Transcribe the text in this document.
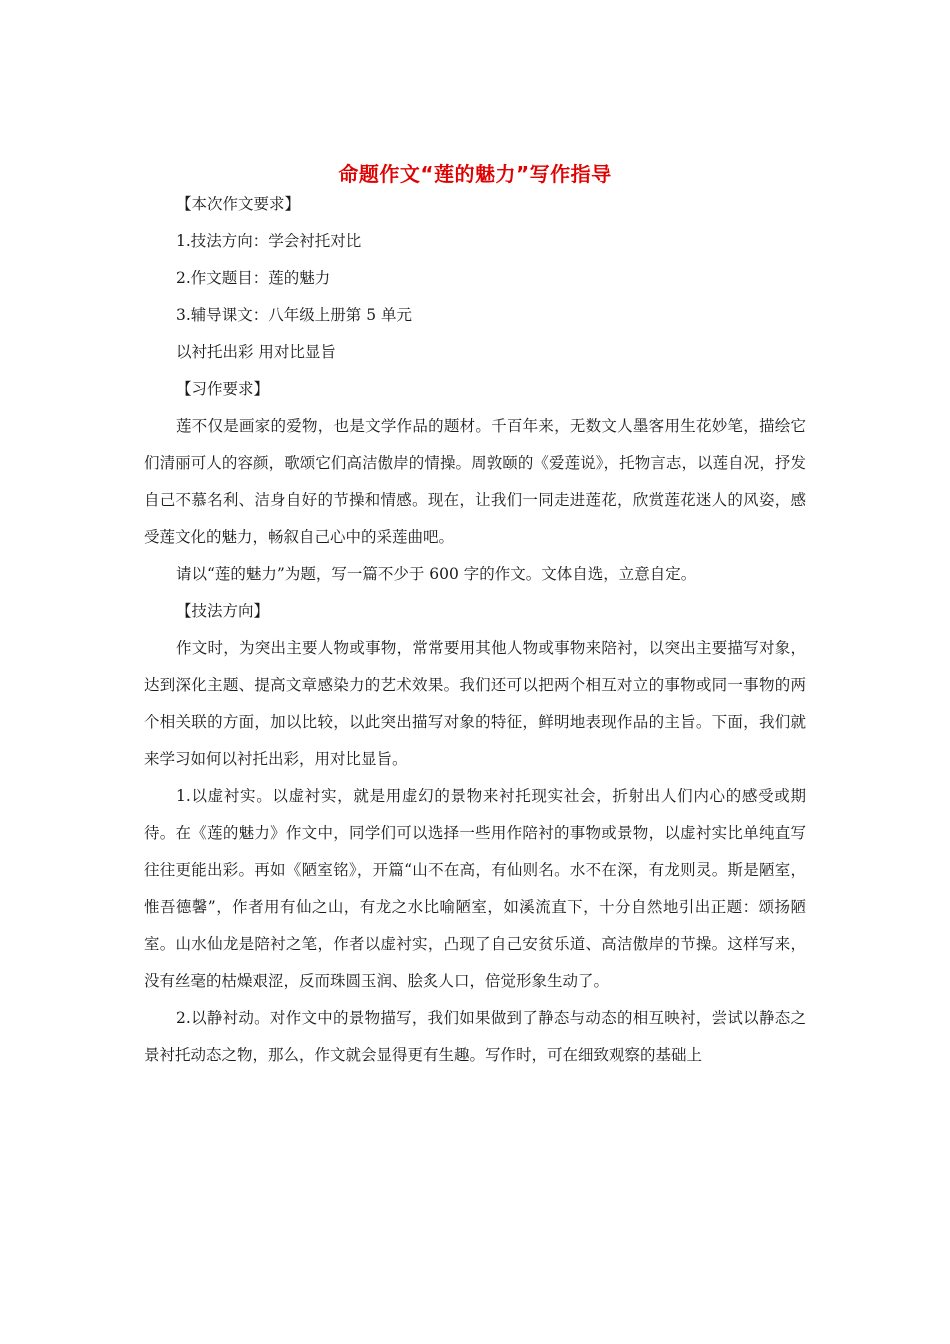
命题作文“莲的魅力”写作指导

【本次作文要求】

1.技法方向：学会衬托对比

2.作文题目：莲的魅力

3.辅导课文：八年级上册第 5 单元

以衬托出彩 用对比显旨

【习作要求】

莲不仅是画家的爱物，也是文学作品的题材。千百年来，无数文人墨客用生花妙笔，描绘它们清丽可人的容颜，歌颂它们高洁傲岸的情操。周敦颐的《爱莲说》，托物言志，以莲自况，抒发自己不慕名利、洁身自好的节操和情感。现在，让我们一同走进莲花，欣赏莲花迷人的风姿，感受莲文化的魅力，畅叙自己心中的采莲曲吧。

请以“莲的魅力”为题，写一篇不少于 600 字的作文。文体自选，立意自定。

【技法方向】

作文时，为突出主要人物或事物，常常要用其他人物或事物来陪衬，以突出主要描写对象，达到深化主题、提高文章感染力的艺术效果。我们还可以把两个相互对立的事物或同一事物的两个相关联的方面，加以比较，以此突出描写对象的特征，鲜明地表现作品的主旨。下面，我们就来学习如何以衬托出彩，用对比显旨。

1.以虚衬实。以虚衬实，就是用虚幻的景物来衬托现实社会，折射出人们内心的感受或期待。在《莲的魅力》作文中，同学们可以选择一些用作陪衬的事物或景物，以虚衬实比单纯直写往往更能出彩。再如《陋室铭》，开篇“山不在高，有仙则名。水不在深，有龙则灵。斯是陋室，惟吾德馨”，作者用有仙之山，有龙之水比喻陋室，如溪流直下，十分自然地引出正题：颂扬陋室。山水仙龙是陪衬之笔，作者以虚衬实，凸现了自己安贫乐道、高洁傲岸的节操。这样写来，没有丝毫的枯燥艰涩，反而珠圆玉润、脍炙人口，倍觉形象生动了。

2.以静衬动。对作文中的景物描写，我们如果做到了静态与动态的相互映衬，尝试以静态之景衬托动态之物，那么，作文就会显得更有生趣。写作时，可在细致观察的基础上
